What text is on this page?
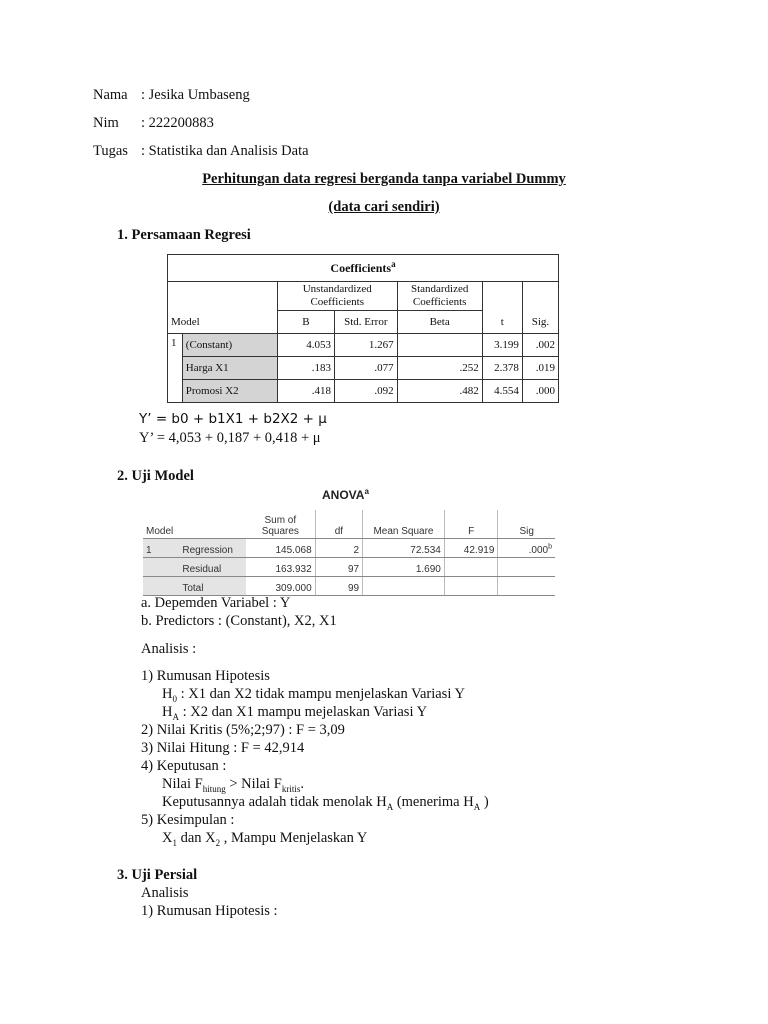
Nama : Jesika Umbaseng
Nim : 222200883
Tugas : Statistika dan Analisis Data
Perhitungan data regresi berganda tanpa variabel Dummy
(data cari sendiri)
1. Persamaan Regresi
Coefficients$^a$
		Unstandardized Coefficients		Standardized Coefficients		
Model		B	Std. Error	Beta	t	Sig.
1	(Constant)	4.053	1.267		3.199	.002
	Harga X1	.183	.077	.252	2.378	.019
	Promosi X2	.418	.092	.482	4.554	.000
Y’ = b0 + b1X1 + b2X2 + μ
Y’ = 4,053 + 0,187 + 0,418 + μ
2. Uji Model
ANOVA$^a$
Model		Sum of Squares	df	Mean Square	F	Sig
1	Regression	145.068	2	72.534	42.919	.000$^b$
	Residual	163.932	97	1.690		
	Total	309.000	99			
a. Depemden Variabel : Y
b. Predictors : (Constant), X2, X1
Analisis :
1) Rumusan Hipotesis
$H_0$ : X1 dan X2 tidak mampu menjelaskan Variasi Y
$H_A$ : X2 dan X1 mampu mejelaskan Variasi Y
2) Nilai Kritis (5%;2;97) : F = 3,09
3) Nilai Hitung : F = 42,914
4) Keputusan :
Nilai $F_{hitung}$ > Nilai $F_{kritis}$.
Keputusannya adalah tidak menolak $H_A$ (menerima $H_A$ )
5) Kesimpulan :
$X_1$ dan $X_2$ , Mampu Menjelaskan Y
3. Uji Persial
Analisis
1) Rumusan Hipotesis :
